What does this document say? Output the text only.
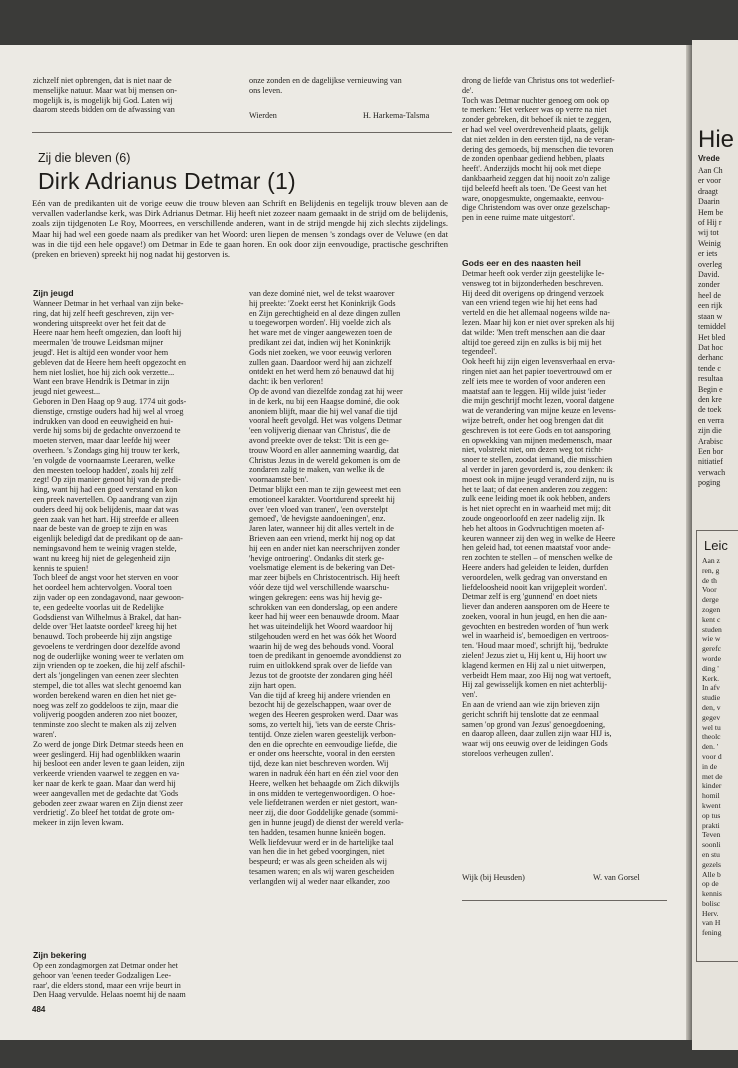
zichzelf niet opbrengen, dat is niet naar de
menselijke natuur. Maar wat bij mensen on-
mogelijk is, is mogelijk bij God. Laten wij
daarom steeds bidden om de afwassing van
onze zonden en de dagelijkse vernieuwing van
ons leven.
Wierden	H. Harkema-Talsma
Zij die bleven (6)
Dirk Adrianus Detmar (1)
Eén van de predikanten uit de vorige eeuw die trouw bleven aan Schrift en Belijdenis en tegelijk trouw bleven aan de vervallen vaderlandse kerk, was Dirk Adrianus Detmar. Hij heeft niet zozeer naam gemaakt in de strijd om de belijdenis, zoals zijn tijdgenoten Le Roy, Moorrees, en verschillende anderen, want in de strijd mengde hij zich slechts zijdelings. Maar hij had wel een goede naam als prediker van het Woord: uren liepen de mensen 's zondags over de Veluwe (en dat was in die tijd een hele opgave!) om Detmar in Ede te gaan horen. En ook door zijn eenvoudige, practische geschriften (preken en brieven) spreekt hij nog nadat hij gestorven is.
Zijn jeugd
Wanneer Detmar in het verhaal van zijn beke-
ring, dat hij zelf heeft geschreven, zijn ver-
wondering uitspreekt over het feit dat de
Heere naar hem heeft omgezien, dan looft hij
meermalen 'de trouwe Leidsman mijner
jeugd'. Het is altijd een wonder voor hem
gebleven dat de Heere hem heeft opgezocht en
hem niet losliet, hoe hij zich ook verzette...
Want een brave Hendrik is Detmar in zijn
jeugd niet geweest...
Geboren in Den Haag op 9 aug. 1774 uit gods-
dienstige, crnstige ouders had hij wel al vroeg
indrukken van dood en eeuwigheid en hui-
verde hij soms bij de gedachte onverzoend te
moeten sterven, maar daar leefde hij weer
overheen. 's Zondags ging hij trouw ter kerk,
'en volgde de voornaamste Leeraren, welke
den meesten toeloop hadden', zoals hij zelf
zegt! Op zijn manier genoot hij van de predi-
king, want hij had een goed verstand en kon
een preek navertellen. Op aandrang van zijn
ouders deed hij ook belijdenis, maar dat was
geen zaak van het hart. Hij streefde er alleen
naar de beste van de groep te zijn en was
eigenlijk beledigd dat de predikant op de aan-
nemingsavond hem te weinig vragen stelde,
want nu kreeg hij niet de gelegenheid zijn
kennis te spuien!
Toch bleef de angst voor het sterven en voor
het oordeel hem achtervolgen. Vooral toen
zijn vader op een zondagavond, naar gewoon-
te, een gedeelte voorlas uit de Redelijke
Godsdienst van Wilhelmus à Brakel, dat han-
delde over 'Het laatste oordeel' kreeg hij het
benauwd. Toch probeerde hij zijn angstige
gevoelens te verdringen door dezelfde avond
nog de ouderlijke woning weer te verlaten om
zijn vrienden op te zoeken, die hij zelf afschil-
dert als 'jongelingen van eenen zeer slechten
stempel, die tot alles wat slecht genoemd kan
worden berekend waren en dien het niet ge-
noeg was zelf zo goddeloos te zijn, maar die
volijverig poogden anderen zoo niet boozer,
tenminste zoo slecht te maken als zij zelven
waren'.
Zo werd de jonge Dirk Detmar steeds heen en
weer geslingerd. Hij had ogenblikken waarin
hij besloot een ander leven te gaan leiden, zijn
verkeerde vrienden vaarwel te zeggen en va-
ker naar de kerk te gaan. Maar dan werd hij
weer aangevallen met de gedachte dat 'Gods
geboden zeer zwaar waren en Zijn dienst zeer
verdrietig'. Zo bleef het totdat de grote om-
mekeer in zijn leven kwam.
Zijn bekering
Op een zondagmorgen zat Detmar onder het
gehoor van 'eenen teeder Godzaligen Lee-
raar', die elders stond, maar een vrije beurt in
Den Haag vervulde. Helaas noemt hij de naam
van deze dominé niet, wel de tekst waarover
hij preekte: 'Zoekt eerst het Koninkrijk Gods
en Zijn gerechtigheid en al deze dingen zullen
u toegeworpen worden'. Hij voelde zich als
het ware met de vinger aangewezen toen de
predikant zei dat, indien wij het Koninkrijk
Gods niet zoeken, we voor eeuwig verloren
zullen gaan. Daardoor werd hij aan zichzelf
ontdekt en het werd hem zó benauwd dat hij
dacht: ik ben verloren!
Op de avond van diezelfde zondag zat hij weer
in de kerk, nu bij een Haagse dominé, die ook
anoniem blijft, maar die hij wel vanaf die tijd
vooral heeft gevolgd. Het was volgens Detmar
'een volijverig dienaar van Christus', die de
avond preekte over de tekst: 'Dit is een ge-
trouw Woord en aller aanneming waardig, dat
Christus Jezus in de wereld gekomen is om de
zondaren zalig te maken, van welke ik de
voornaamste ben'.
Detmar blijkt een man te zijn geweest met een
emotioneel karakter. Voortdurend spreekt hij
over 'een vloed van tranen', 'een overstelpt
gemoed', 'de hevigste aandoeningen', enz.
Jaren later, wanneer hij dit alles vertelt in de
Brieven aan een vriend, merkt hij nog op dat
hij een en ander niet kan neerschrijven zonder
'hevige ontroering'. Ondanks dit sterk ge-
voelsmatige element is de bekering van Det-
mar zeer bijbels en Christocentrisch. Hij heeft
vóór deze tijd wel verschillende waarschu-
wingen gekregen: eens was hij hevig ge-
schrokken van een donderslag, op een andere
keer had hij weer een benauwde droom. Maar
het was uiteindelijk het Woord waardoor hij
stilgehouden werd en het was óók het Woord
waarin hij de weg des behouds vond. Vooral
toen de predikant in genoemde avonddienst zo
ruim en uitlokkend sprak over de liefde van
Jezus tot de grootste der zondaren ging héél
zijn hart open.
Van die tijd af kreeg hij andere vrienden en
bezocht hij de gezelschappen, waar over de
wegen des Heeren gesproken werd. Daar was
soms, zo vertelt hij, 'iets van de eerste Chris-
tentijd. Onze zielen waren geestelijk verbon-
den en die oprechte en eenvoudige liefde, die
er onder ons heerschte, vooral in den eersten
tijd, deze kan niet beschreven worden. Wij
waren in nadruk één hart en één ziel voor den
Heere, welken het behaagde om Zich dikwijls
in ons midden te vertegenwoordigen. O hoe-
vele liefdetranen werden er niet gestort, wan-
neer zij, die door Goddelijke genade (sommi-
gen in hunne jeugd) de dienst der wereld verla-
ten hadden, tesamen hunne knieën bogen.
Welk liefdevuur werd er in de hartelijke taal
van hen die in het gebed voorgingen, niet
bespeurd; er was als geen scheiden als wij
tesamen waren; en als wij waren gescheiden
verlangden wij al weder naar elkander, zoo
drong de liefde van Christus ons tot wederlief-
de'.
Toch was Detmar nuchter genoeg om ook op
te merken: 'Het verkeer was op verre na niet
zonder gebreken, dit behoef ik niet te zeggen,
er had wel veel overdrevenheid plaats, gelijk
dat niet zelden in den eersten tijd, na de veran-
dering des gemoeds, bij menschen die tevoren
de zonden openbaar gediend hebben, plaats
heeft'. Anderzijds mocht hij ook met diepe
dankbaarheid zeggen dat hij nooit zo'n zalige
tijd beleefd heeft als toen. 'De Geest van het
ware, onopgesmukte, ongemaakte, eenvou-
dige Christendom was over onze gezelschap-
pen in eene ruime mate uitgestort'.
Gods eer en des naasten heil
Detmar heeft ook verder zijn geestelijke le-
vensweg tot in bijzonderheden beschreven.
Hij deed dit overigens op dringend verzoek
van een vriend tegen wie hij het eens had
verteld en die het allemaal nogeens wilde na-
lezen. Maar hij kon er niet over spreken als hij
dat wilde: 'Men treft menschen aan die daar
altijd toe gereed zijn en zulks is bij mij het
tegendeel'.
Ook heeft hij zijn eigen levensverhaal en erva-
ringen niet aan het papier toevertrouwd om er
zelf iets mee te worden of voor anderen een
maatstaf aan te leggen. Hij wilde juist 'ieder
die mijn geschrijf mocht lezen, vooral datgene
wat de verandering van mijne keuze en levens-
wijze betreft, onder het oog brengen dat dit
geschreven is tot eere Gods en tot aansporing
en opwekking van mijnen medemensch, maar
niet, volstrekt niet, om dezen weg tot richt-
snoer te stellen, zoodat iemand, die misschien
al verder in jaren gevorderd is, zou denken: ik
moest ook in mijne jeugd veranderd zijn, nu is
het te laat; of dat eenen anderen zou zeggen:
zulk eene leiding moet ik ook hebben, anders
is het niet oprecht en in waarheid met mij; dit
zoude ongeoorloofd en zeer nadelig zijn. Ik
heb het altoos in Godvruchtigen moeten af-
keuren wanneer zij den weg in welke de Heere
hen geleid had, tot eenen maatstaf voor ande-
ren zochten te stellen – of menschen welke de
Heere anders had geleiden te leiden, durfden
veroordelen, welk gedrag van onverstand en
liefdeloosheid nooit kan vrijgepleit worden'.
Detmar zelf is erg 'gunnend' en doet niets
liever dan anderen aansporen om de Heere te
zoeken, vooral in hun jeugd, en hen die aan-
gevochten en bestreden worden of 'hun werk
wel in waarheid is', bemoedigen en vertroos-
ten. 'Houd maar moed', schrijft hij, 'bedrukte
zielen! Jezus ziet u, Hij kent u, Hij hoort uw
klagend kermen en Hij zal u niet uitwerpen,
verbeidt Hem maar, zoo Hij nog wat vertoeft,
Hij zal gewisselijk komen en niet achterblij-
ven'.
En aan de vriend aan wie zijn brieven zijn
gericht schrift hij tenslotte dat ze eenmaal
samen 'op grond van Jezus' genoegdoening,
en daarop alleen, daar zullen zijn waar HIJ is,
waar wij ons eeuwig over de leidingen Gods
storeloos verheugen zullen'.
Wijk (bij Heusden)	W. van Gorsel
484
Hie
Vrede
Aan Ch
er voor
draagt
Daarin
Hem be
of Hij r
wij tot
Weinig
er iets
overleg
David.
zonder
heel de
een rijk
staan w
temiddel
Het bled
Dat hoc
derhanc
tende c
resultaa
Begin e
den kre
de toek
en verra
zijn die
Arabisc
Een bor
nitiatief
verwach
poging
Leic
Aan z
ren, g
de th
Voor
derge
zogen
kent c
studen
wie w
gerefc
worde
ding '
Kerk.
In afv
studie
den, v
gegev
wel tu
theolc
den. '
voor d
in de
met de
kinder
homil
kwent
op tus
prakti
Teven
soonli
en stu
gezels
Alle b
op de
kennis
bolisc
Herv.
van H
fening
